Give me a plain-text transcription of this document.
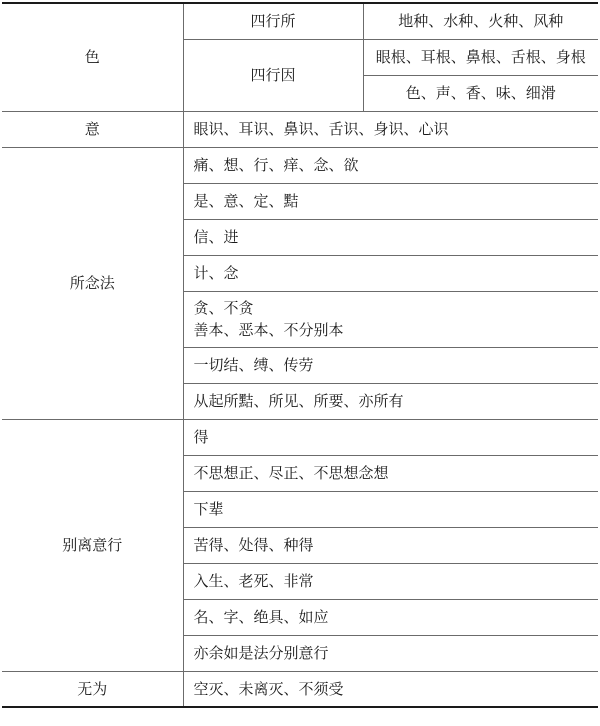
色	四行所	地种、水种、火种、风种
	四行因	眼根、耳根、鼻根、舌根、身根
		色、声、香、味、细滑
意	眼识、耳识、鼻识、舌识、身识、心识	
所念法	痛、想、行、痒、念、欲	
	是、意、定、黠	
	信、进	
	计、念	

	贪、不贪
善本、恶本、不分别本	

	一切结、缚、传劳	
	从起所黠、所见、所要、亦所有	
别离意行	得	
	不思想正、尽正、不思想念想	
	下辈	
	苦得、处得、种得	
	入生、老死、非常	
	名、字、绝具、如应	
	亦余如是法分别意行	
无为	空灭、未离灭、不须受	
